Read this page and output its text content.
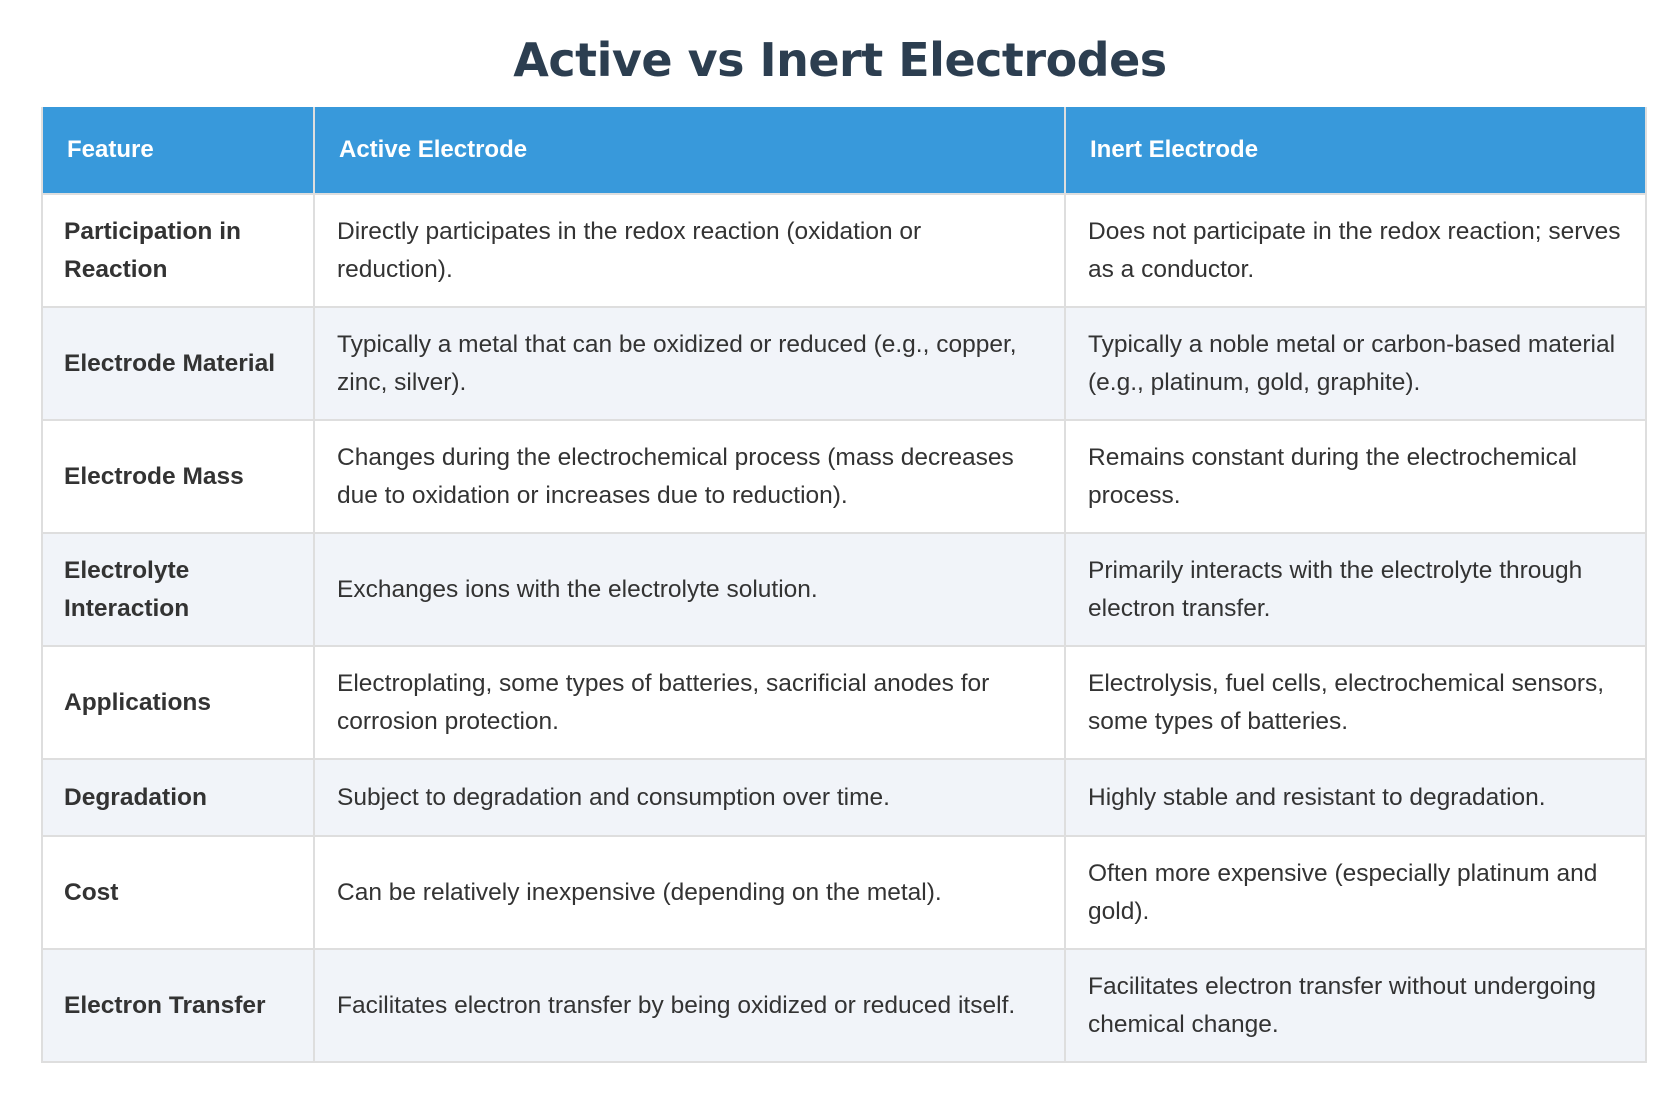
Active vs Inert Electrodes
Feature	Active Electrode	Inert Electrode
Participation in Reaction	Directly participates in the redox reaction (oxidation or reduction).	Does not participate in the redox reaction; serves as a conductor.
Electrode Material	Typically a metal that can be oxidized or reduced (e.g., copper, zinc, silver).	Typically a noble metal or carbon-based material (e.g., platinum, gold, graphite).
Electrode Mass	Changes during the electrochemical process (mass decreases due to oxidation or increases due to reduction).	Remains constant during the electrochemical process.
Electrolyte Interaction	Exchanges ions with the electrolyte solution.	Primarily interacts with the electrolyte through electron transfer.
Applications	Electroplating, some types of batteries, sacrificial anodes for corrosion protection.	Electrolysis, fuel cells, electrochemical sensors, some types of batteries.
Degradation	Subject to degradation and consumption over time.	Highly stable and resistant to degradation.
Cost	Can be relatively inexpensive (depending on the metal).	Often more expensive (especially platinum and gold).
Electron Transfer	Facilitates electron transfer by being oxidized or reduced itself.	Facilitates electron transfer without undergoing chemical change.
